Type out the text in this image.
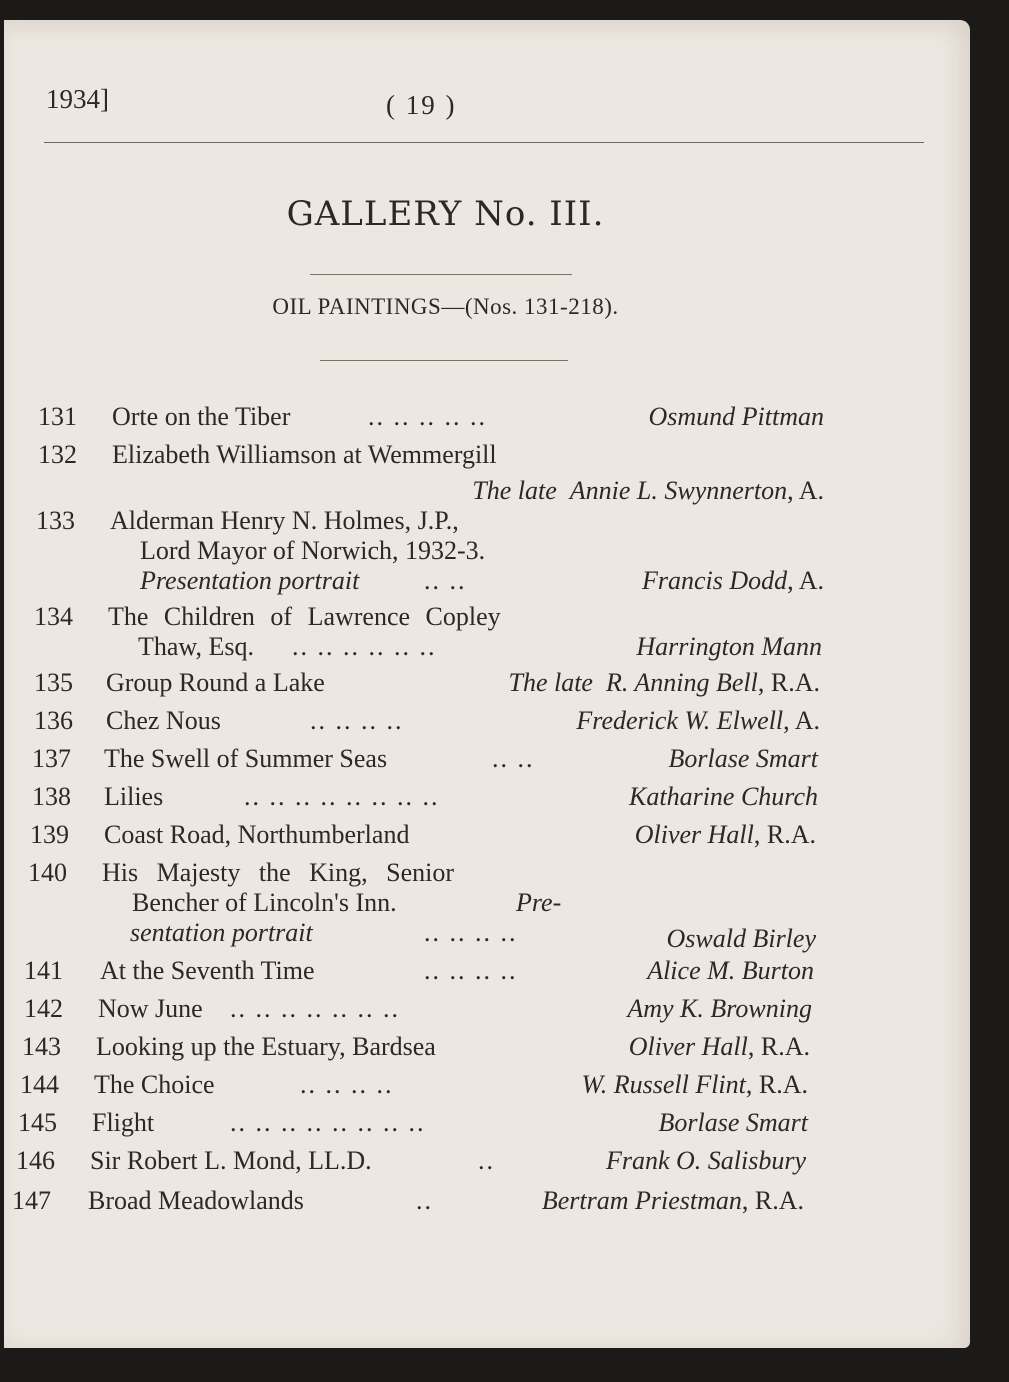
1934]	( 19 )
GALLERY No. III.
OIL PAINTINGS—(Nos. 131-218).
131 Orte on the Tiber	.. .. .. .. ..	Osmund Pittman
132 Elizabeth Williamson at Wemmergill
The late Annie L. Swynnerton, A.
133 Alderman Henry N. Holmes, J.P.,
Lord Mayor of Norwich, 1932-3.
Presentation portrait .. ..	Francis Dodd, A.
134 The Children of Lawrence Copley
Thaw, Esq. .. .. .. .. .. ..	Harrington Mann
135 Group Round a Lake	The late R. Anning Bell, R.A.
136 Chez Nous	.. .. .. ..	Frederick W. Elwell, A.
137 The Swell of Summer Seas	.. ..	Borlase Smart
138 Lilies	.. .. .. .. .. .. .. ..	Katharine Church
139 Coast Road, Northumberland	Oliver Hall, R.A.
140 His Majesty the King, Senior
Bencher of Lincoln's Inn.	Pre-
sentation portrait	.. .. .. ..	Oswald Birley
141 At the Seventh Time	.. .. .. ..	Alice M. Burton
142 Now June .. .. .. .. .. .. ..	Amy K. Browning
143 Looking up the Estuary, Bardsea	Oliver Hall, R.A.
144 The Choice	.. .. .. ..	W. Russell Flint, R.A.
145 Flight	.. .. .. .. .. .. .. ..	Borlase Smart
146 Sir Robert L. Mond, LL.D.	..	Frank O. Salisbury
147 Broad Meadowlands	..	Bertram Priestman, R.A.
